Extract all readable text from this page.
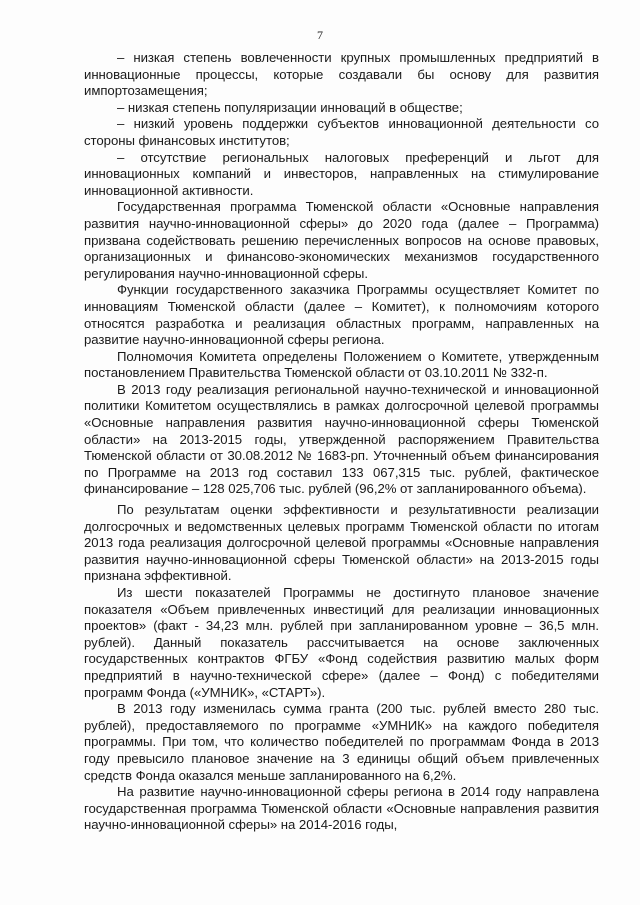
7

– низкая степень вовлеченности крупных промышленных предприятий в инновационные процессы, которые создавали бы основу для развития импортозамещения;

– низкая степень популяризации инноваций в обществе;

– низкий уровень поддержки субъектов инновационной деятельности со стороны финансовых институтов;

– отсутствие региональных налоговых преференций и льгот для инновационных компаний и инвесторов, направленных на стимулирование инновационной активности.

Государственная программа Тюменской области «Основные направления развития научно-инновационной сферы» до 2020 года (далее – Программа) призвана содействовать решению перечисленных вопросов на основе правовых, организационных и финансово-экономических механизмов государственного регулирования научно-инновационной сферы.

Функции государственного заказчика Программы осуществляет Комитет по инновациям Тюменской области (далее – Комитет), к полномочиям которого относятся разработка и реализация областных программ, направленных на развитие научно-инновационной сферы региона.

Полномочия Комитета определены Положением о Комитете, утвержденным постановлением Правительства Тюменской области от 03.10.2011 № 332-п.

В 2013 году реализация региональной научно-технической и инновационной политики Комитетом осуществлялись в рамках долгосрочной целевой программы «Основные направления развития научно-инновационной сферы Тюменской области» на 2013-2015 годы, утвержденной распоряжением Правительства Тюменской области от 30.08.2012 № 1683-рп. Уточненный объем финансирования по Программе на 2013 год составил 133 067,315 тыс. рублей, фактическое финансирование – 128 025,706 тыс. рублей (96,2% от запланированного объема).

По результатам оценки эффективности и результативности реализации долгосрочных и ведомственных целевых программ Тюменской области по итогам 2013 года реализация долгосрочной целевой программы «Основные направления развития научно-инновационной сферы Тюменской области» на 2013-2015 годы признана эффективной.

Из шести показателей Программы не достигнуто плановое значение показателя «Объем привлеченных инвестиций для реализации инновационных проектов» (факт - 34,23 млн. рублей при запланированном уровне – 36,5 млн. рублей). Данный показатель рассчитывается на основе заключенных государственных контрактов ФГБУ «Фонд содействия развитию малых форм предприятий в научно-технической сфере» (далее – Фонд) с победителями программ Фонда («УМНИК», «СТАРТ»).

В 2013 году изменилась сумма гранта (200 тыс. рублей вместо 280 тыс. рублей), предоставляемого по программе «УМНИК» на каждого победителя программы. При том, что количество победителей по программам Фонда в 2013 году превысило плановое значение на 3 единицы общий объем привлеченных средств Фонда оказался меньше запланированного на 6,2%.

На развитие научно-инновационной сферы региона в 2014 году направлена государственная программа Тюменской области «Основные направления развития научно-инновационной сферы» на 2014-2016 годы,
